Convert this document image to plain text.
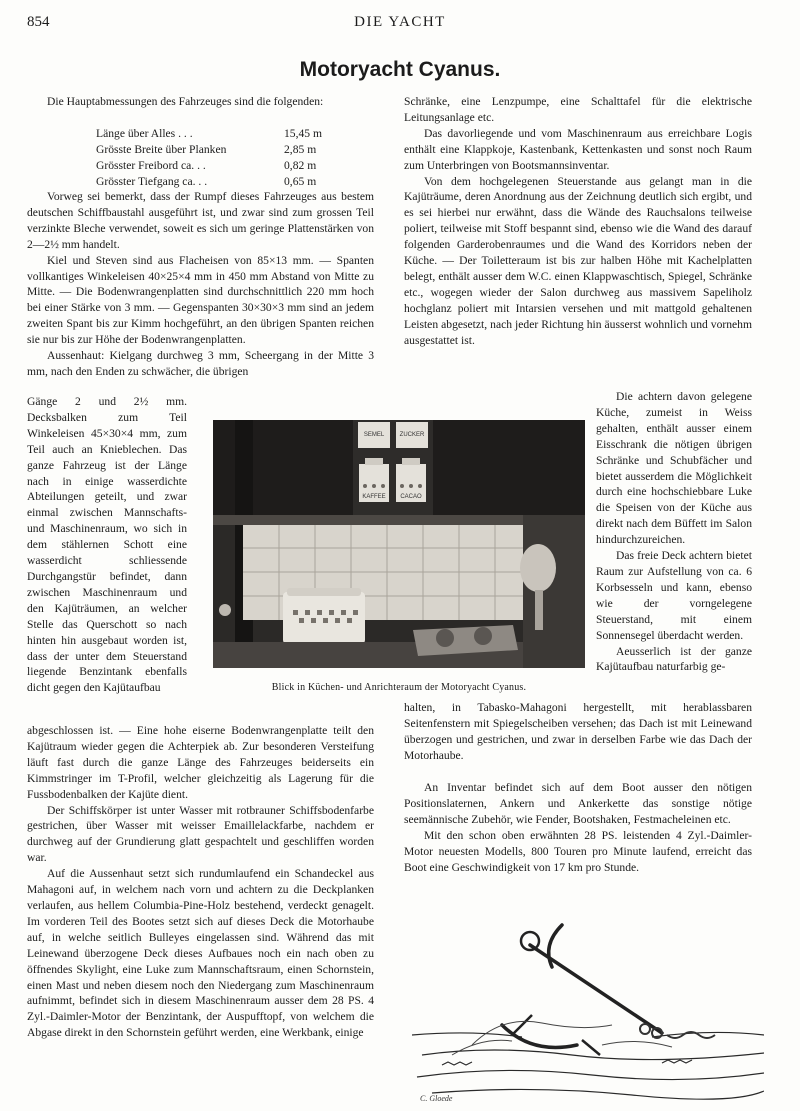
854	DIE YACHT
Motoryacht Cyanus.

Die Hauptabmessungen des Fahrzeuges sind die folgenden:

Länge über Alles . . .	15,45 m
Grösste Breite über Planken	2,85 m
Grösster Freibord ca. . .	0,82 m
Grösster Tiefgang ca. . .	0,65 m

Vorweg sei bemerkt, dass der Rumpf dieses Fahrzeuges aus bestem deutschen Schiffbaustahl ausgeführt ist, und zwar sind zum grossen Teil verzinkte Bleche verwendet, soweit es sich um geringe Plattenstärken von 2—2½ mm handelt.

Kiel und Steven sind aus Flacheisen von 85×13 mm. — Spanten vollkantiges Winkeleisen 40×25×4 mm in 450 mm Abstand von Mitte zu Mitte. — Die Bodenwrangenplatten sind durchschnittlich 220 mm hoch bei einer Stärke von 3 mm. — Gegenspanten 30×30×3 mm sind an jedem zweiten Spant bis zur Kimm hochgeführt, an den übrigen Spanten reichen sie nur bis zur Höhe der Bodenwrangenplatten.

Aussenhaut: Kielgang durchweg 3 mm, Scheergang in der Mitte 3 mm, nach den Enden zu schwächer, die übrigen

Gänge 2 und 2½ mm. Decksbalken zum Teil Winkeleisen 45×30×4 mm, zum Teil auch an Knieblechen. Das ganze Fahrzeug ist der Länge nach in einige wasserdichte Abteilungen geteilt, und zwar einmal zwischen Mannschafts- und Maschinenraum, wo sich in dem stählernen Schott eine wasserdicht schliessende Durchgangstür befindet, dann zwischen Maschinenraum und den Kajüträumen, an welcher Stelle das Querschott so nach hinten hin ausgebaut worden ist, dass der unter dem Steuerstand liegende Benzintank ebenfalls dicht gegen den Kajütaufbau

abgeschlossen ist. — Eine hohe eiserne Bodenwrangenplatte teilt den Kajütraum wieder gegen die Achterpiek ab. Zur besonderen Versteifung läuft fast durch die ganze Länge des Fahrzeuges beiderseits ein Kimmstringer im T-Profil, welcher gleichzeitig als Lagerung für die Fussbodenbalken der Kajüte dient.

Der Schiffskörper ist unter Wasser mit rotbrauner Schiffsbodenfarbe gestrichen, über Wasser mit weisser Emaillelackfarbe, nachdem er durchweg auf der Grundierung glatt gespachtelt und geschliffen worden war.

Auf die Aussenhaut setzt sich rundumlaufend ein Schandeckel aus Mahagoni auf, in welchem nach vorn und achtern zu die Deckplanken verlaufen, aus hellem Columbia-Pine-Holz bestehend, verdeckt genagelt. Im vorderen Teil des Bootes setzt sich auf dieses Deck die Motorhaube auf, in welche seitlich Bulleyes eingelassen sind. Während das mit Leinewand überzogene Deck dieses Aufbaues noch ein nach oben zu öffnendes Skylight, eine Luke zum Mannschaftsraum, einen Schornstein, einen Mast und neben diesem noch den Niedergang zum Maschinenraum aufnimmt, befindet sich in diesem Maschinenraum ausser dem 28 PS. 4 Zyl.-Daimler-Motor der Benzintank, der Auspufftopf, von welchem die Abgase direkt in den Schornstein geführt werden, eine Werkbank, einige

Schränke, eine Lenzpumpe, eine Schalttafel für die elektrische Leitungsanlage etc.

Das davorliegende und vom Maschinenraum aus erreichbare Logis enthält eine Klappkoje, Kastenbank, Kettenkasten und sonst noch Raum zum Unterbringen von Bootsmannsinventar.

Von dem hochgelegenen Steuerstande aus gelangt man in die Kajüträume, deren Anordnung aus der Zeichnung deutlich sich ergibt, und es sei hierbei nur erwähnt, dass die Wände des Rauchsalons teilweise poliert, teilweise mit Stoff bespannt sind, ebenso wie die Wand des darauf folgenden Garderobenraumes und die Wand des Korridors neben der Küche. — Der Toiletteraum ist bis zur halben Höhe mit Kachelplatten belegt, enthält ausser dem W.C. einen Klappwaschtisch, Spiegel, Schränke etc., wogegen wieder der Salon durchweg aus massivem Sapeliholz hochglanz poliert mit Intarsien versehen und mit mattgold gehaltenen Leisten abgesetzt, nach jeder Richtung hin äusserst wohnlich und vornehm ausgestattet ist.

Die achtern davon gelegene Küche, zumeist in Weiss gehalten, enthält ausser einem Eisschrank die nötigen übrigen Schränke und Schubfächer und bietet ausserdem die Möglichkeit durch eine hochschiebbare Luke die Speisen von der Küche aus direkt nach dem Büffett im Salon hindurchzureichen.

Das freie Deck achtern bietet Raum zur Aufstellung von ca. 6 Korbsesseln und kann, ebenso wie der vorngelegene Steuerstand, mit einem Sonnensegel überdacht werden.

Aeusserlich ist der ganze Kajütaufbau naturfarbig ge-

halten, in Tabasko-Mahagoni hergestellt, mit herablassbaren Seitenfenstern mit Spiegelscheiben versehen; das Dach ist mit Leinewand überzogen und gestrichen, und zwar in derselben Farbe wie das Dach der Motorhaube.

An Inventar befindet sich auf dem Boot ausser den nötigen Positionslaternen, Ankern und Ankerkette das sonstige nötige seemännische Zubehör, wie Fender, Bootshaken, Festmacheleinen etc.

Mit den schon oben erwähnten 28 PS. leistenden 4 Zyl.-Daimler-Motor neuesten Modells, 800 Touren pro Minute laufend, erreicht das Boot eine Geschwindigkeit von 17 km pro Stunde.

SEMEL	ZUCKER
KAFFEE CACAO
Blick in Küchen- und Anrichteraum der Motoryacht Cyanus.
C. Gloede
